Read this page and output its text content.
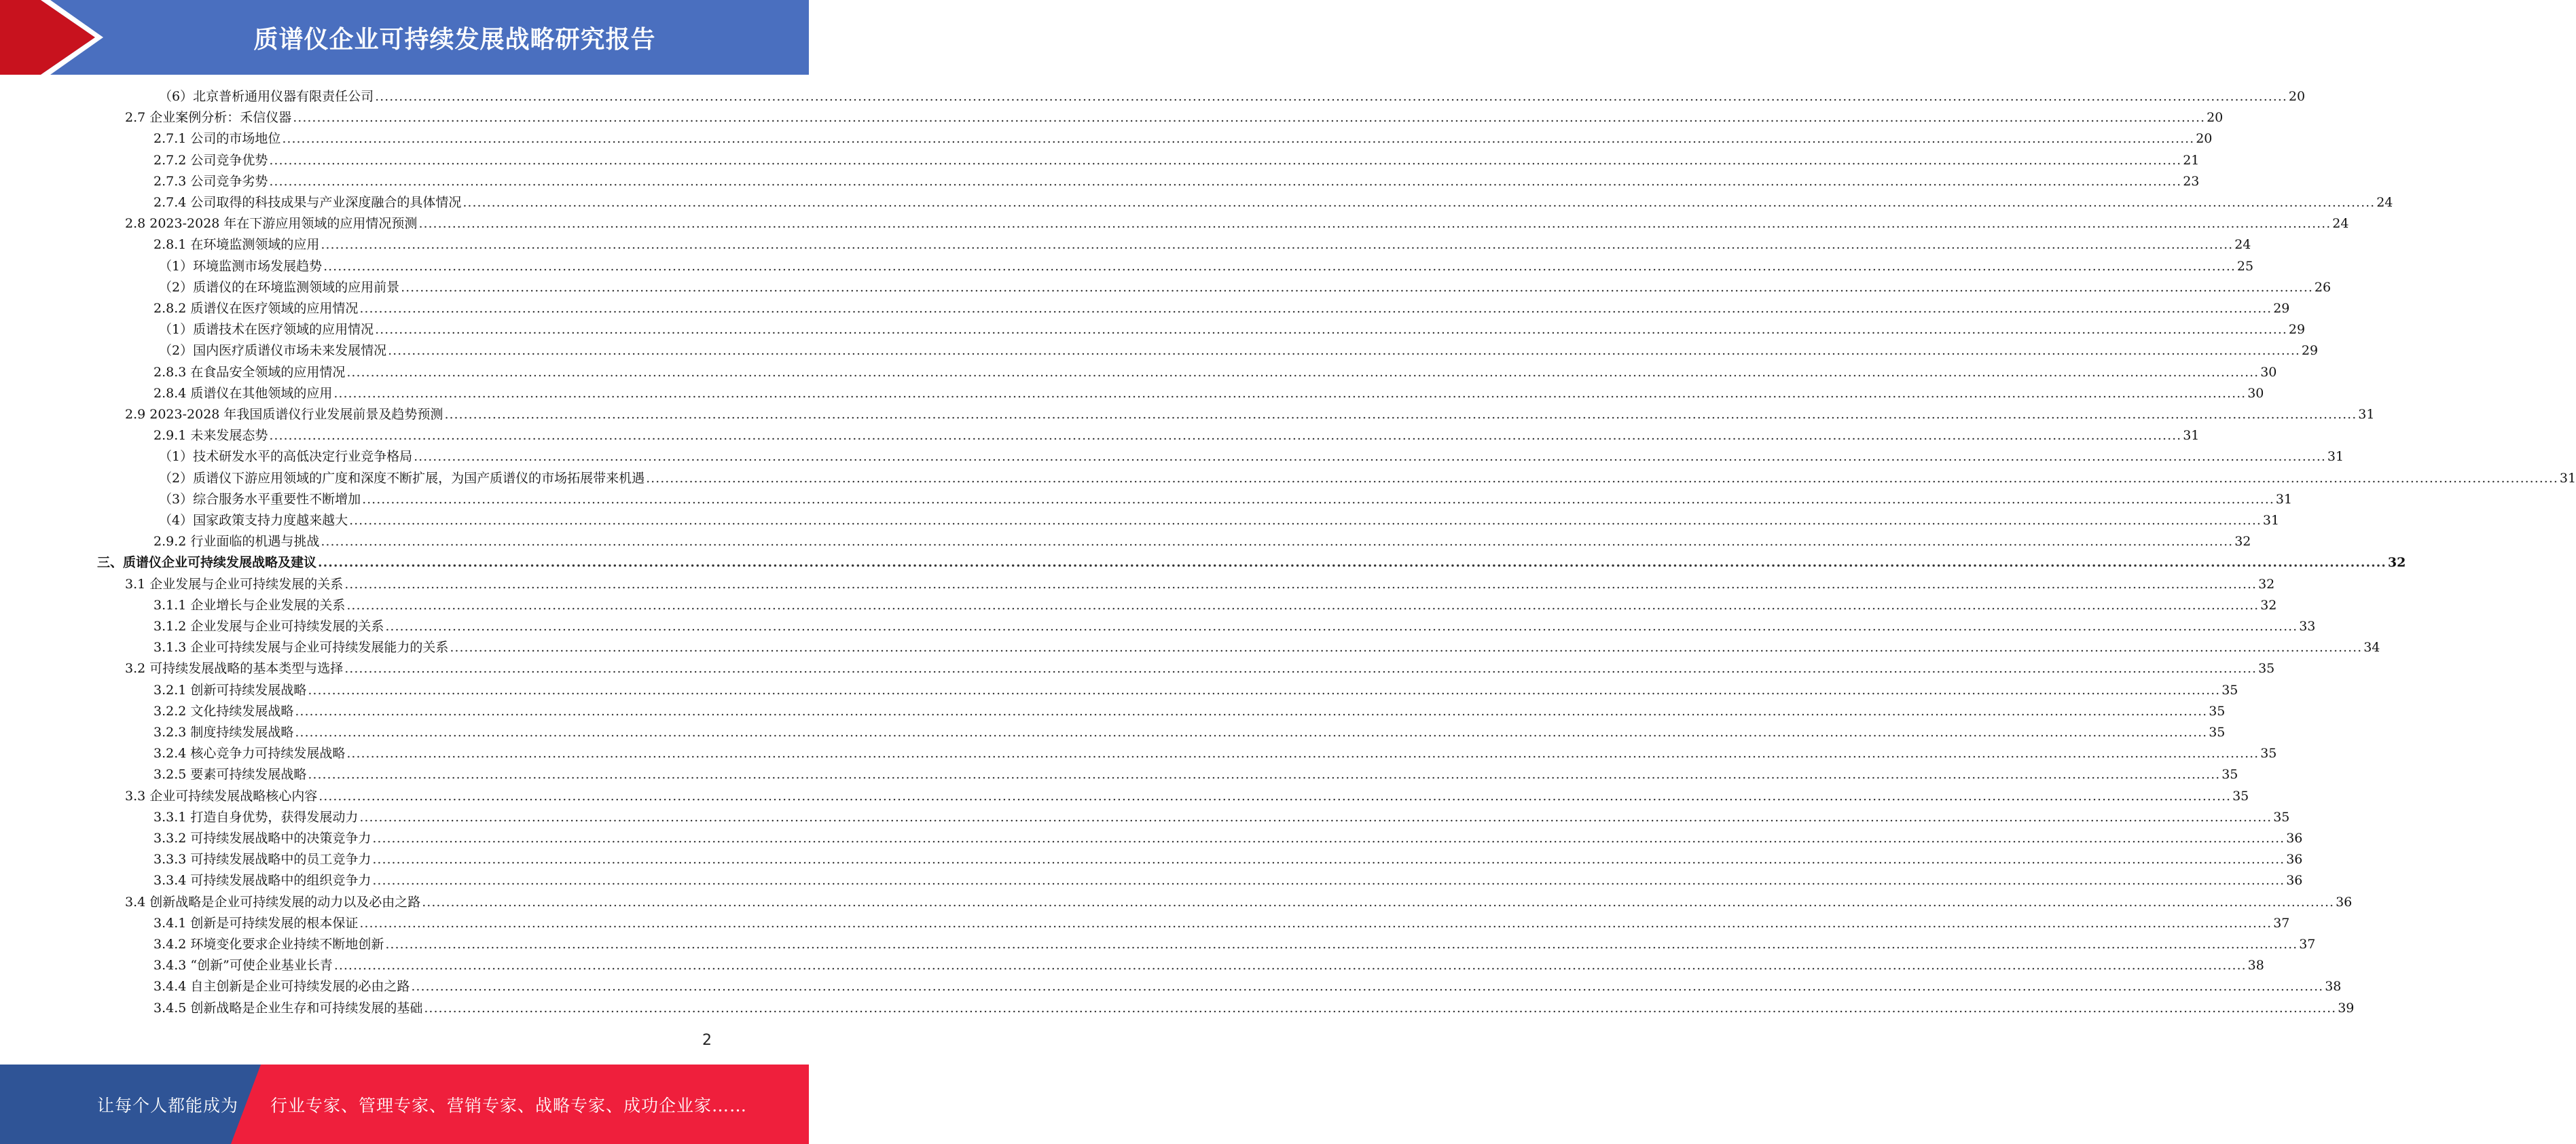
质谱仪企业可持续发展战略研究报告
（6）北京普析通用仪器有限责任公司 ................................................................................................................................................................................................................................................................................................................................................................................................................ 20
2.7 企业案例分析：禾信仪器 ................................................................................................................................................................................................................................................................................................................................................................................................................ 20
2.7.1 公司的市场地位 ................................................................................................................................................................................................................................................................................................................................................................................................................ 20
2.7.2 公司竞争优势 ................................................................................................................................................................................................................................................................................................................................................................................................................ 21
2.7.3 公司竞争劣势 ................................................................................................................................................................................................................................................................................................................................................................................................................ 23
2.7.4 公司取得的科技成果与产业深度融合的具体情况 ................................................................................................................................................................................................................................................................................................................................................................................................................ 24
2.8 2023-2028 年在下游应用领域的应用情况预测 ................................................................................................................................................................................................................................................................................................................................................................................................................ 24
2.8.1 在环境监测领域的应用 ................................................................................................................................................................................................................................................................................................................................................................................................................ 24
（1）环境监测市场发展趋势 ................................................................................................................................................................................................................................................................................................................................................................................................................ 25
（2）质谱仪的在环境监测领域的应用前景 ................................................................................................................................................................................................................................................................................................................................................................................................................ 26
2.8.2 质谱仪在医疗领域的应用情况 ................................................................................................................................................................................................................................................................................................................................................................................................................ 29
（1）质谱技术在医疗领域的应用情况 ................................................................................................................................................................................................................................................................................................................................................................................................................ 29
（2）国内医疗质谱仪市场未来发展情况 ................................................................................................................................................................................................................................................................................................................................................................................................................ 29
2.8.3 在食品安全领域的应用情况 ................................................................................................................................................................................................................................................................................................................................................................................................................ 30
2.8.4 质谱仪在其他领域的应用 ................................................................................................................................................................................................................................................................................................................................................................................................................ 30
2.9 2023-2028 年我国质谱仪行业发展前景及趋势预测 ................................................................................................................................................................................................................................................................................................................................................................................................................ 31
2.9.1 未来发展态势 ................................................................................................................................................................................................................................................................................................................................................................................................................ 31
（1）技术研发水平的高低决定行业竞争格局 ................................................................................................................................................................................................................................................................................................................................................................................................................ 31
（2）质谱仪下游应用领域的广度和深度不断扩展，为国产质谱仪的市场拓展带来机遇 ................................................................................................................................................................................................................................................................................................................................................................................................................ 31
（3）综合服务水平重要性不断增加 ................................................................................................................................................................................................................................................................................................................................................................................................................ 31
（4）国家政策支持力度越来越大 ................................................................................................................................................................................................................................................................................................................................................................................................................ 31
2.9.2 行业面临的机遇与挑战 ................................................................................................................................................................................................................................................................................................................................................................................................................ 32
三、质谱仪企业可持续发展战略及建议 ................................................................................................................................................................................................................................................................................................................................................................................................................ 32
3.1 企业发展与企业可持续发展的关系 ................................................................................................................................................................................................................................................................................................................................................................................................................ 32
3.1.1 企业增长与企业发展的关系 ................................................................................................................................................................................................................................................................................................................................................................................................................ 32
3.1.2 企业发展与企业可持续发展的关系 ................................................................................................................................................................................................................................................................................................................................................................................................................ 33
3.1.3 企业可持续发展与企业可持续发展能力的关系 ................................................................................................................................................................................................................................................................................................................................................................................................................ 34
3.2 可持续发展战略的基本类型与选择 ................................................................................................................................................................................................................................................................................................................................................................................................................ 35
3.2.1 创新可持续发展战略 ................................................................................................................................................................................................................................................................................................................................................................................................................ 35
3.2.2 文化持续发展战略 ................................................................................................................................................................................................................................................................................................................................................................................................................ 35
3.2.3 制度持续发展战略 ................................................................................................................................................................................................................................................................................................................................................................................................................ 35
3.2.4 核心竞争力可持续发展战略 ................................................................................................................................................................................................................................................................................................................................................................................................................ 35
3.2.5 要素可持续发展战略 ................................................................................................................................................................................................................................................................................................................................................................................................................ 35
3.3 企业可持续发展战略核心内容 ................................................................................................................................................................................................................................................................................................................................................................................................................ 35
3.3.1 打造自身优势，获得发展动力 ................................................................................................................................................................................................................................................................................................................................................................................................................ 35
3.3.2 可持续发展战略中的决策竞争力 ................................................................................................................................................................................................................................................................................................................................................................................................................ 36
3.3.3 可持续发展战略中的员工竞争力 ................................................................................................................................................................................................................................................................................................................................................................................................................ 36
3.3.4 可持续发展战略中的组织竞争力 ................................................................................................................................................................................................................................................................................................................................................................................................................ 36
3.4 创新战略是企业可持续发展的动力以及必由之路 ................................................................................................................................................................................................................................................................................................................................................................................................................ 36
3.4.1 创新是可持续发展的根本保证 ................................................................................................................................................................................................................................................................................................................................................................................................................ 37
3.4.2 环境变化要求企业持续不断地创新 ................................................................................................................................................................................................................................................................................................................................................................................................................ 37
3.4.3 “创新”可使企业基业长青 ................................................................................................................................................................................................................................................................................................................................................................................................................ 38
3.4.4 自主创新是企业可持续发展的必由之路 ................................................................................................................................................................................................................................................................................................................................................................................................................ 38
3.4.5 创新战略是企业生存和可持续发展的基础 ................................................................................................................................................................................................................................................................................................................................................................................................................ 39
2
让每个人都能成为 行业专家、管理专家、营销专家、战略专家、成功企业家……
